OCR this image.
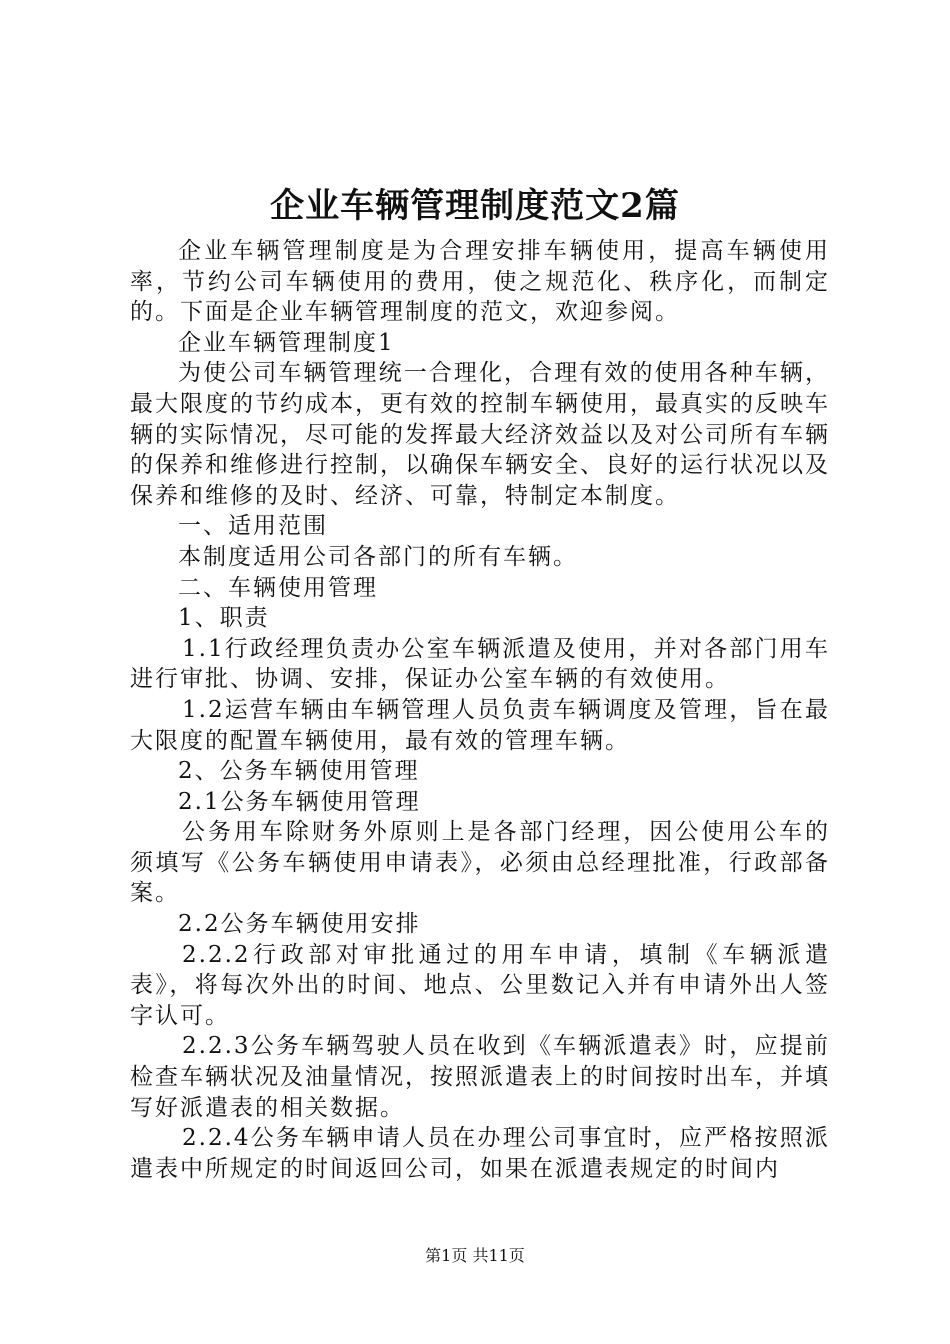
企业车辆管理制度范文2篇

企业车辆管理制度是为合理安排车辆使用，提高车辆使用率，节约公司车辆使用的费用，使之规范化、秩序化，而制定的。下面是企业车辆管理制度的范文，欢迎参阅。

企业车辆管理制度1

为使公司车辆管理统一合理化，合理有效的使用各种车辆，最大限度的节约成本，更有效的控制车辆使用，最真实的反映车辆的实际情况，尽可能的发挥最大经济效益以及对公司所有车辆的保养和维修进行控制，以确保车辆安全、良好的运行状况以及保养和维修的及时、经济、可靠，特制定本制度。

一、适用范围

本制度适用公司各部门的所有车辆。

二、车辆使用管理

1、职责

1.1行政经理负责办公室车辆派遣及使用，并对各部门用车进行审批、协调、安排，保证办公室车辆的有效使用。

1.2运营车辆由车辆管理人员负责车辆调度及管理，旨在最大限度的配置车辆使用，最有效的管理车辆。

2、公务车辆使用管理

2.1公务车辆使用管理

公务用车除财务外原则上是各部门经理，因公使用公车的须填写《公务车辆使用申请表》，必须由总经理批准，行政部备案。

2.2公务车辆使用安排

2.2.2行政部对审批通过的用车申请，填制《车辆派遣表》，将每次外出的时间、地点、公里数记入并有申请外出人签字认可。

2.2.3公务车辆驾驶人员在收到《车辆派遣表》时，应提前检查车辆状况及油量情况，按照派遣表上的时间按时出车，并填写好派遣表的相关数据。

2.2.4公务车辆申请人员在办理公司事宜时，应严格按照派遣表中所规定的时间返回公司，如果在派遣表规定的时间内

第1页 共11页
